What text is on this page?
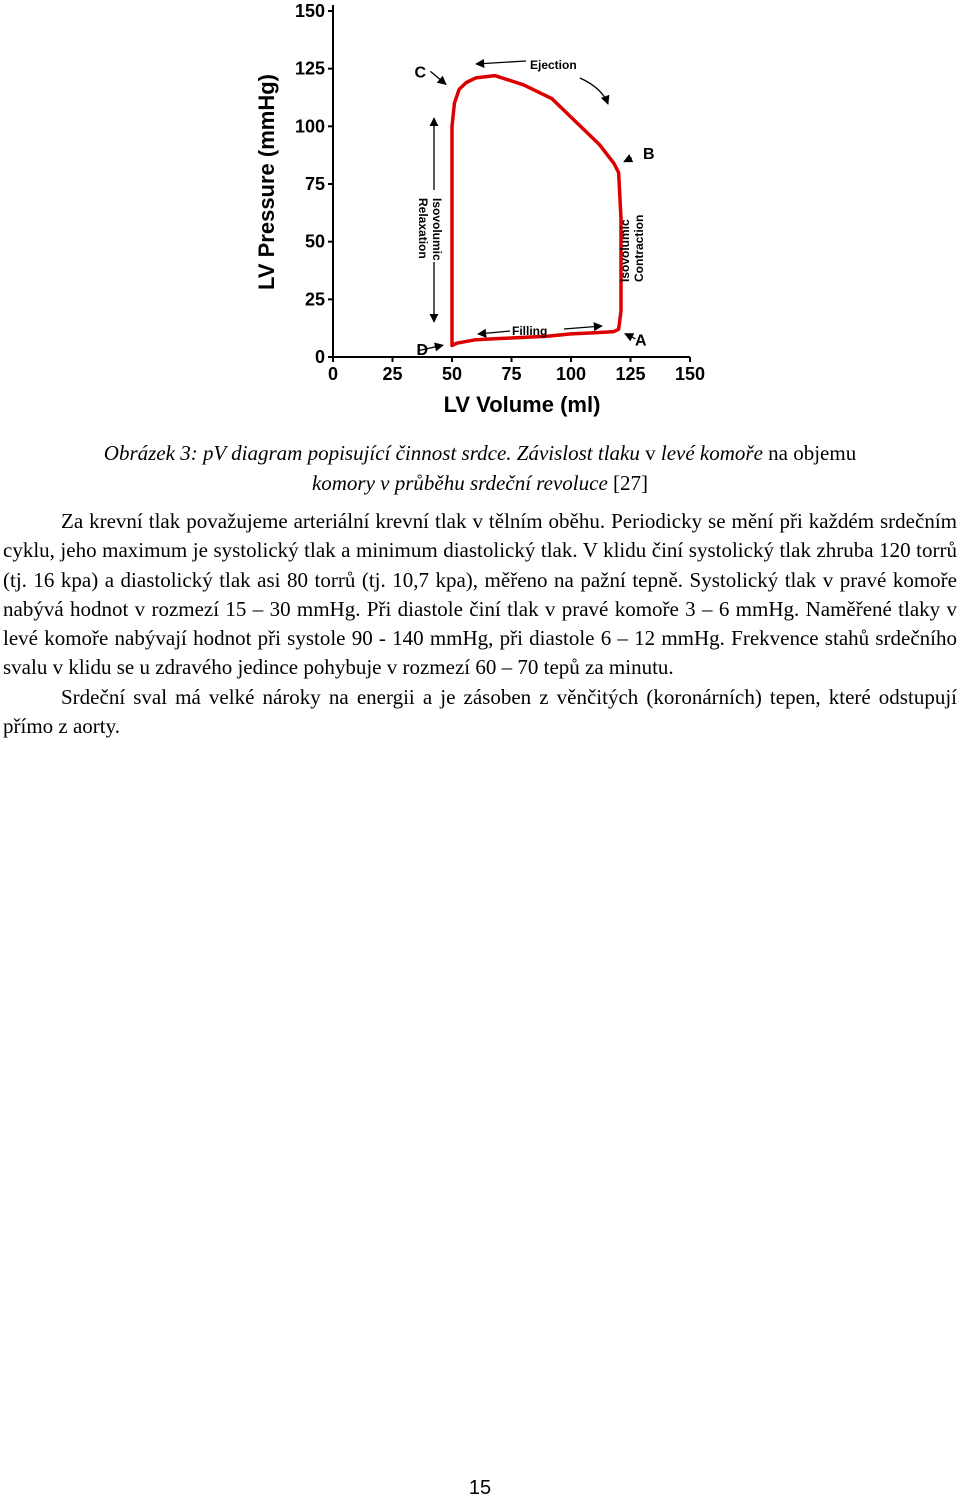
LV Volume (ml)
LV Pressure (mmHg)
0 25 50 75 100 125 150
0
25
50
75
100
125
150
A
B
C
D
Ejection
Filling
Isovolumic
Relaxation	Isovolumic Contraction
Obrázek 3: pV diagram popisující činnost srdce. Závislost tlaku v levé komoře na objemu
komory v průběhu srdeční revoluce [27]

Za krevní tlak považujeme arteriální krevní tlak v tělním oběhu. Periodicky se mění při každém srdečním cyklu, jeho maximum je systolický tlak a minimum diastolický tlak. V klidu činí systolický tlak zhruba 120 torrů (tj. 16 kpa) a diastolický tlak asi 80 torrů (tj. 10,7 kpa), měřeno na pažní tepně. Systolický tlak v pravé komoře nabývá hodnot v rozmezí 15 – 30 mmHg. Při diastole činí tlak v pravé komoře 3 – 6 mmHg. Naměřené tlaky v levé komoře nabývají hodnot při systole 90 - 140 mmHg, při diastole 6 – 12 mmHg. Frekvence stahů srdečního svalu v klidu se u zdravého jedince pohybuje v rozmezí 60 – 70 tepů za minutu.

Srdeční sval má velké nároky na energii a je zásoben z věnčitých (koronárních) tepen, které odstupují přímo z aorty.

15
